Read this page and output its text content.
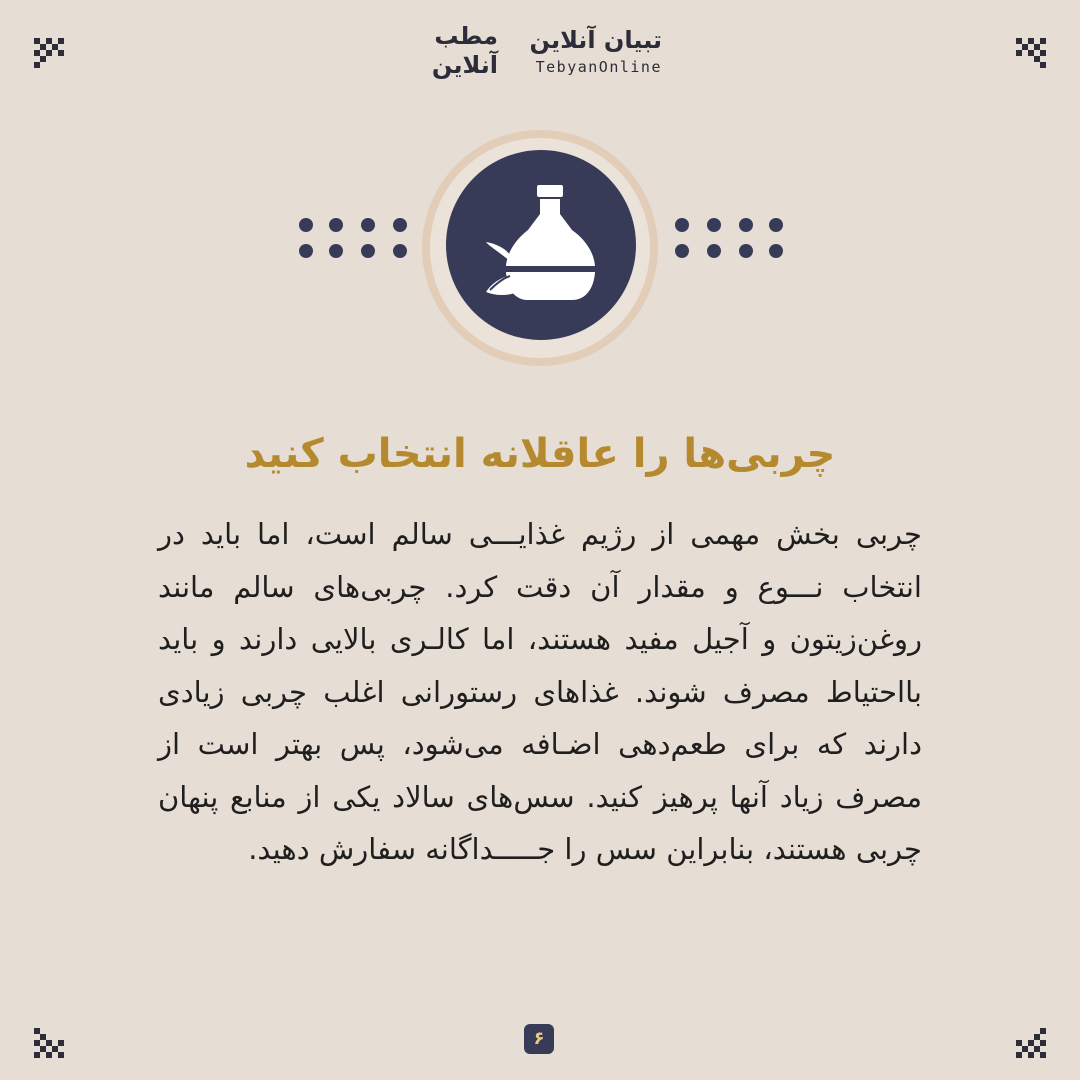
مطب
آنلاین
تبیان آنلاین
TebyanOnline
چربی‌ها را عاقلانه انتخاب کنید

چربی بخش مهمی از رژیم غذایـــی سالم است، اما باید در انتخاب نـــوع و مقدار آن دقت کرد. چربی‌های سالم مانند روغن‌زیتون و آجیل مفید هستند، اما کالـری بالایی دارند و باید بااحتیاط مصرف شوند. غذاهای رستورانی اغلب چربی زیادی دارند که برای طعم‌دهی اضـافه می‌شود، پس بهتر است از مصرف زیاد آنها پرهیز کنید. سس‌های سالاد یکی از منابع پنهان چربی هستند، بنابراین سس را جـــــداگانه سفارش دهید.

۶
